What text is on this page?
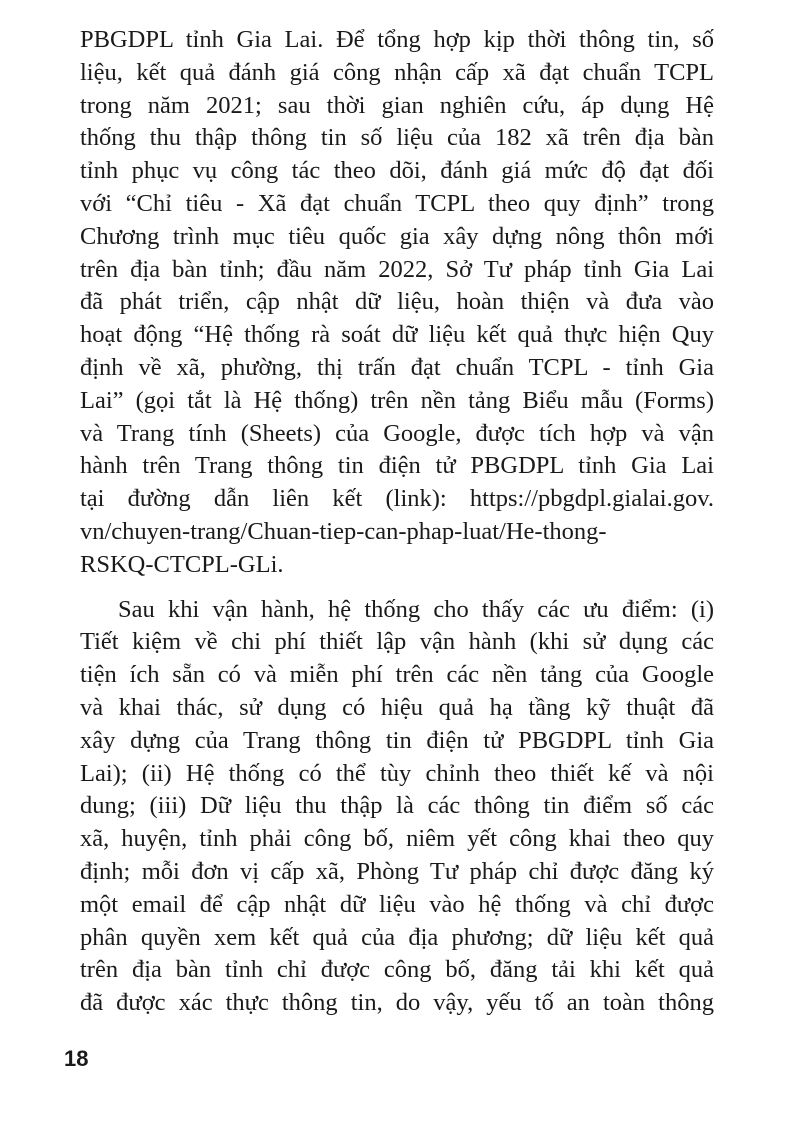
PBGDPL tỉnh Gia Lai. Để tổng hợp kịp thời thông tin, số
liệu, kết quả đánh giá công nhận cấp xã đạt chuẩn TCPL
trong năm 2021; sau thời gian nghiên cứu, áp dụng Hệ
thống thu thập thông tin số liệu của 182 xã trên địa bàn
tỉnh phục vụ công tác theo dõi, đánh giá mức độ đạt đối
với “Chỉ tiêu - Xã đạt chuẩn TCPL theo quy định” trong
Chương trình mục tiêu quốc gia xây dựng nông thôn mới
trên địa bàn tỉnh; đầu năm 2022, Sở Tư pháp tỉnh Gia Lai
đã phát triển, cập nhật dữ liệu, hoàn thiện và đưa vào
hoạt động “Hệ thống rà soát dữ liệu kết quả thực hiện Quy
định về xã, phường, thị trấn đạt chuẩn TCPL - tỉnh Gia
Lai” (gọi tắt là Hệ thống) trên nền tảng Biểu mẫu (Forms)
và Trang tính (Sheets) của Google, được tích hợp và vận
hành trên Trang thông tin điện tử PBGDPL tỉnh Gia Lai
tại đường dẫn liên kết (link): https://pbgdpl.gialai.gov.
vn/chuyen-trang/Chuan-tiep-can-phap-luat/He-thong-
RSKQ-CTCPL-GLi.
Sau khi vận hành, hệ thống cho thấy các ưu điểm: (i)
Tiết kiệm về chi phí thiết lập vận hành (khi sử dụng các
tiện ích sẵn có và miễn phí trên các nền tảng của Google
và khai thác, sử dụng có hiệu quả hạ tầng kỹ thuật đã
xây dựng của Trang thông tin điện tử PBGDPL tỉnh Gia
Lai); (ii) Hệ thống có thể tùy chỉnh theo thiết kế và nội
dung; (iii) Dữ liệu thu thập là các thông tin điểm số các
xã, huyện, tỉnh phải công bố, niêm yết công khai theo quy
định; mỗi đơn vị cấp xã, Phòng Tư pháp chỉ được đăng ký
một email để cập nhật dữ liệu vào hệ thống và chỉ được
phân quyền xem kết quả của địa phương; dữ liệu kết quả
trên địa bàn tỉnh chỉ được công bố, đăng tải khi kết quả
đã được xác thực thông tin, do vậy, yếu tố an toàn thông
18
